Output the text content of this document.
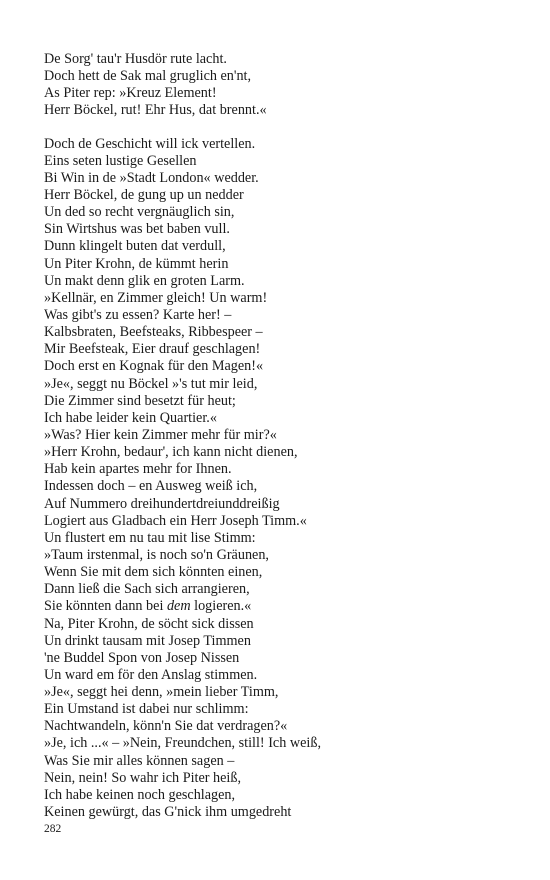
De Sorg' tau'r Husdör rute lacht.
Doch hett de Sak mal gruglich en'nt,
As Piter rep: »Kreuz Element!
Herr Böckel, rut! Ehr Hus, dat brennt.«
Doch de Geschicht will ick vertellen.
Eins seten lustige Gesellen
Bi Win in de »Stadt London« wedder.
Herr Böckel, de gung up un nedder
Un ded so recht vergnäuglich sin,
Sin Wirtshus was bet baben vull.
Dunn klingelt buten dat verdull,
Un Piter Krohn, de kümmt herin
Un makt denn glik en groten Larm.
»Kellnär, en Zimmer gleich! Un warm!
Was gibt's zu essen? Karte her! –
Kalbsbraten, Beefsteaks, Ribbespeer –
Mir Beefsteak, Eier drauf geschlagen!
Doch erst en Kognak für den Magen!«
»Je«, seggt nu Böckel »'s tut mir leid,
Die Zimmer sind besetzt für heut;
Ich habe leider kein Quartier.«
»Was? Hier kein Zimmer mehr für mir?«
»Herr Krohn, bedaur', ich kann nicht dienen,
Hab kein apartes mehr for Ihnen.
Indessen doch – en Ausweg weiß ich,
Auf Nummero dreihundertdreiunddreißig
Logiert aus Gladbach ein Herr Joseph Timm.«
Un flustert em nu tau mit lise Stimm:
»Taum irstenmal, is noch so'n Gräunen,
Wenn Sie mit dem sich könnten einen,
Dann ließ die Sach sich arrangieren,
Sie könnten dann bei dem logieren.«
Na, Piter Krohn, de söcht sick dissen
Un drinkt tausam mit Josep Timmen
'ne Buddel Spon von Josep Nissen
Un ward em för den Anslag stimmen.
»Je«, seggt hei denn, »mein lieber Timm,
Ein Umstand ist dabei nur schlimm:
Nachtwandeln, könn'n Sie dat verdragen?«
»Je, ich ...« – »Nein, Freundchen, still! Ich weiß,
Was Sie mir alles können sagen –
Nein, nein! So wahr ich Piter heiß,
Ich habe keinen noch geschlagen,
Keinen gewürgt, das G'nick ihm umgedreht
282
